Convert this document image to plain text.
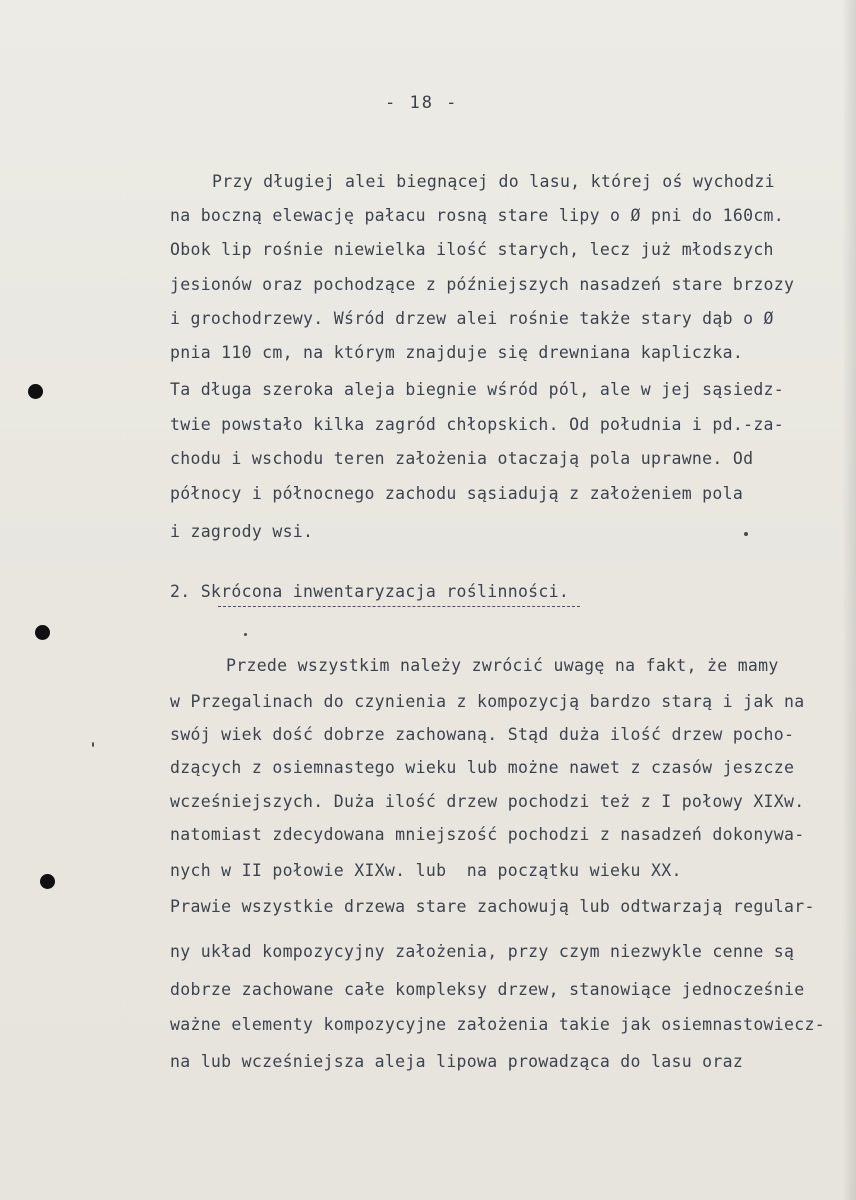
- 18 -
Przy długiej alei biegnącej do lasu, której oś wychodzi
na boczną elewację pałacu rosną stare lipy o Ø pni do 160cm.
Obok lip rośnie niewielka ilość starych, lecz już młodszych
jesionów oraz pochodzące z późniejszych nasadzeń stare brzozy
i grochodrzewy. Wśród drzew alei rośnie także stary dąb o Ø
pnia 110 cm, na którym znajduje się drewniana kapliczka.
Ta długa szeroka aleja biegnie wśród pól, ale w jej sąsiedz-
twie powstało kilka zagród chłopskich. Od południa i pd.-za-
chodu i wschodu teren założenia otaczają pola uprawne. Od
północy i północnego zachodu sąsiadują z założeniem pola
i zagrody wsi.
2. Skrócona inwentaryzacja roślinności.
Przede wszystkim należy zwrócić uwagę na fakt, że mamy
w Przegalinach do czynienia z kompozycją bardzo starą i jak na
swój wiek dość dobrze zachowaną. Stąd duża ilość drzew pocho-
dzących z osiemnastego wieku lub możne nawet z czasów jeszcze
wcześniejszych. Duża ilość drzew pochodzi też z I połowy XIXw.
natomiast zdecydowana mniejszość pochodzi z nasadzeń dokonywa-
nych w II połowie XIXw. lub  na początku wieku XX.
Prawie wszystkie drzewa stare zachowują lub odtwarzają regular-
ny układ kompozycyjny założenia, przy czym niezwykle cenne są
dobrze zachowane całe kompleksy drzew, stanowiące jednocześnie
ważne elementy kompozycyjne założenia takie jak osiemnastowiecz-
na lub wcześniejsza aleja lipowa prowadząca do lasu oraz
